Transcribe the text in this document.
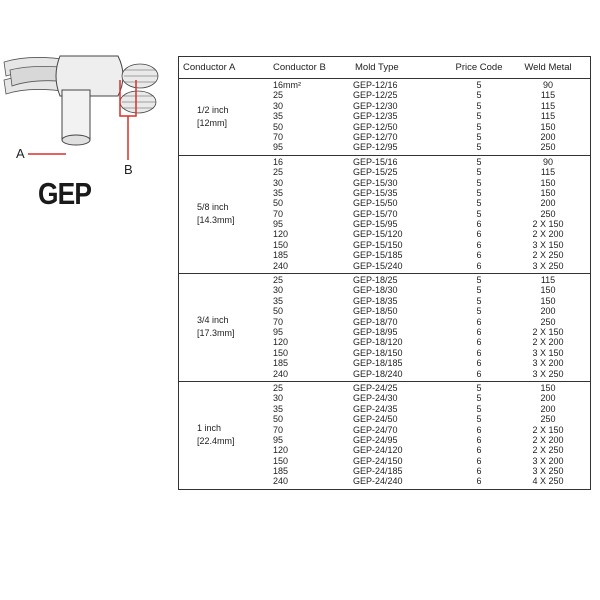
A
B
GEP
Conductor A	Conductor B	Mold Type	Price Code	Weld Metal
1/2 inch
[12mm]
16mm²	GEP-12/16	5	90
25	GEP-12/25	5	115
30	GEP-12/30	5	115
35	GEP-12/35	5	115
50	GEP-12/50	5	150
70	GEP-12/70	5	200
95	GEP-12/95	5	250
5/8 inch
[14.3mm]
16	GEP-15/16	5	90
25	GEP-15/25	5	115
30	GEP-15/30	5	150
35	GEP-15/35	5	150
50	GEP-15/50	5	200
70	GEP-15/70	5	250
95	GEP-15/95	6	2 X 150
120	GEP-15/120	6	2 X 200
150	GEP-15/150	6	3 X 150
185	GEP-15/185	6	2 X 250
240	GEP-15/240	6	3 X 250
3/4 inch
[17.3mm]
25	GEP-18/25	5	115
30	GEP-18/30	5	150
35	GEP-18/35	5	150
50	GEP-18/50	5	200
70	GEP-18/70	6	250
95	GEP-18/95	6	2 X 150
120	GEP-18/120	6	2 X 200
150	GEP-18/150	6	3 X 150
185	GEP-18/185	6	3 X 200
240	GEP-18/240	6	3 X 250
1 inch
[22.4mm]
25	GEP-24/25	5	150
30	GEP-24/30	5	200
35	GEP-24/35	5	200
50	GEP-24/50	5	250
70	GEP-24/70	6	2 X 150
95	GEP-24/95	6	2 X 200
120	GEP-24/120	6	2 X 250
150	GEP-24/150	6	3 X 200
185	GEP-24/185	6	3 X 250
240	GEP-24/240	6	4 X 250
